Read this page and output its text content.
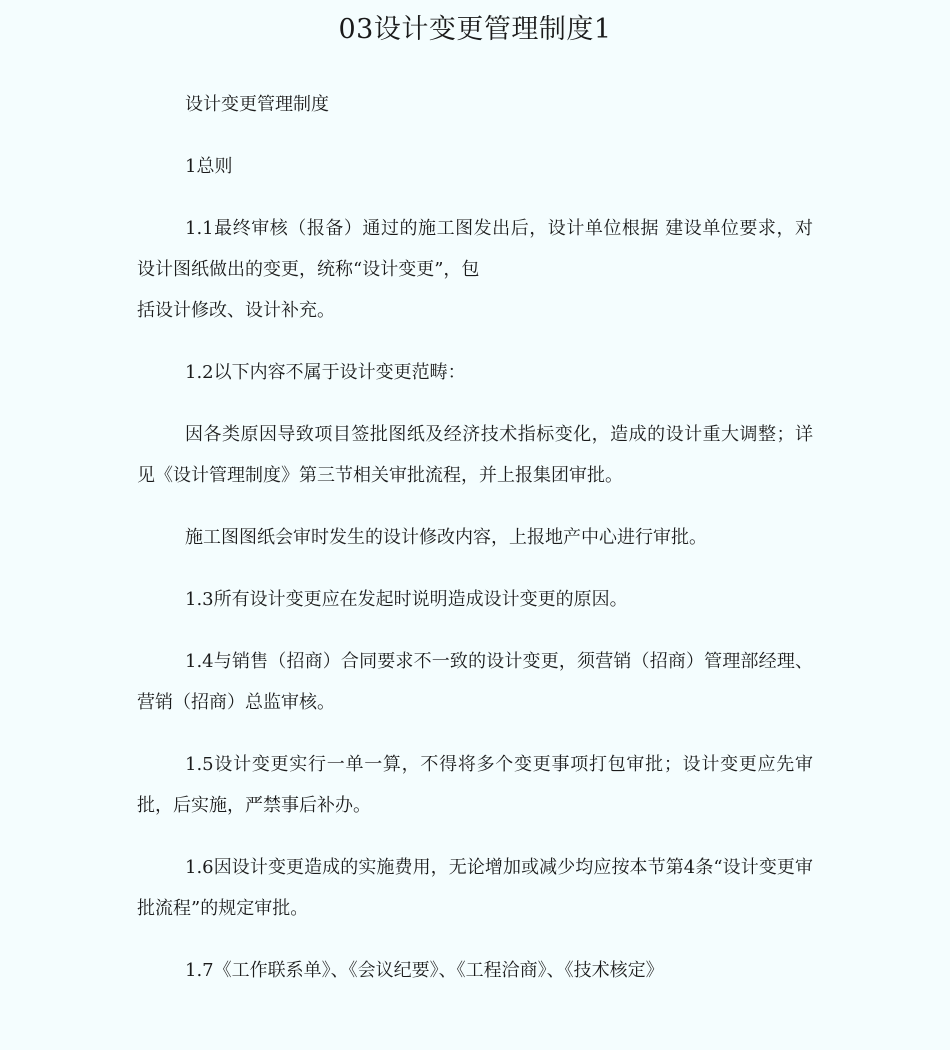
03设计变更管理制度1

设计变更管理制度

1总则

1.1最终审核（报备）通过的施工图发出后，设计单位根据 建设单位要求，对设计图纸做出的变更，统称“设计变更”，包
括设计修改、设计补充。

1.2以下内容不属于设计变更范畴：

因各类原因导致项目签批图纸及经济技术指标变化，造成的设计重大调整；详见《设计管理制度》第三节相关审批流程，并上报集团审批。

施工图图纸会审时发生的设计修改内容，上报地产中心进行审批。

1.3所有设计变更应在发起时说明造成设计变更的原因。

1.4与销售（招商）合同要求不一致的设计变更，须营销（招商）管理部经理、营销（招商）总监审核。

1.5设计变更实行一单一算，不得将多个变更事项打包审批；设计变更应先审批，后实施，严禁事后补办。

1.6因设计变更造成的实施费用，无论增加或减少均应按本节第4条“设计变更审批流程”的规定审批。

1.7《工作联系单》、《会议纪要》、《工程洽商》、《技术核定》
